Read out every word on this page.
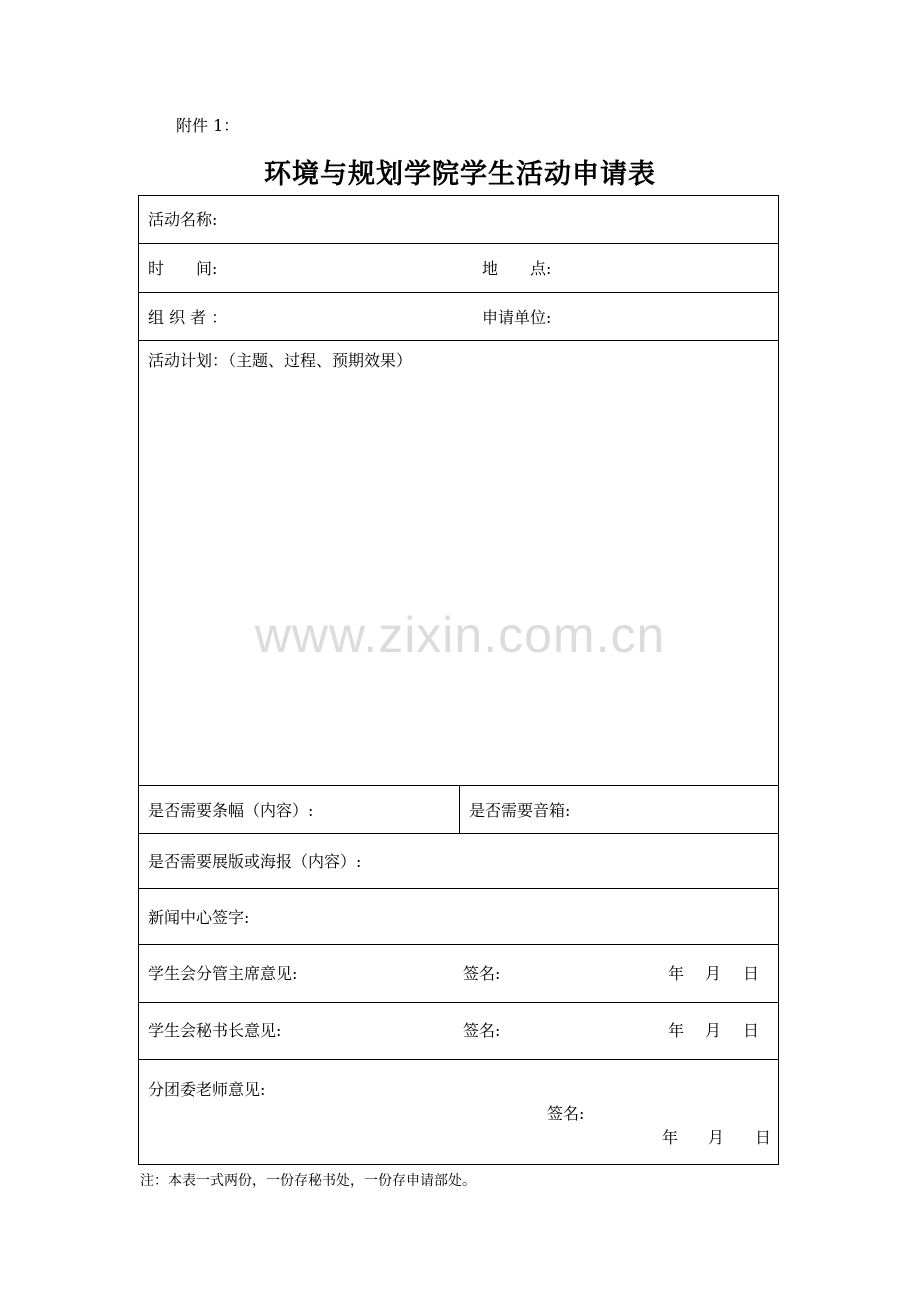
附件 1：
环境与规划学院学生活动申请表
活动名称:
时　　间:	地　　点:
组 织 者 ：	申请单位:
活动计划：（主题、过程、预期效果）
是否需要条幅（内容）:	是否需要音箱:
是否需要展版或海报（内容）:
新闻中心签字:
学生会分管主席意见:	签名:	年 月 日
学生会秘书长意见:	签名:	年 月 日
分团委老师意见:
签名:
年 月 日
www.zixin.com.cn
注：本表一式两份，一份存秘书处，一份存申请部处。
